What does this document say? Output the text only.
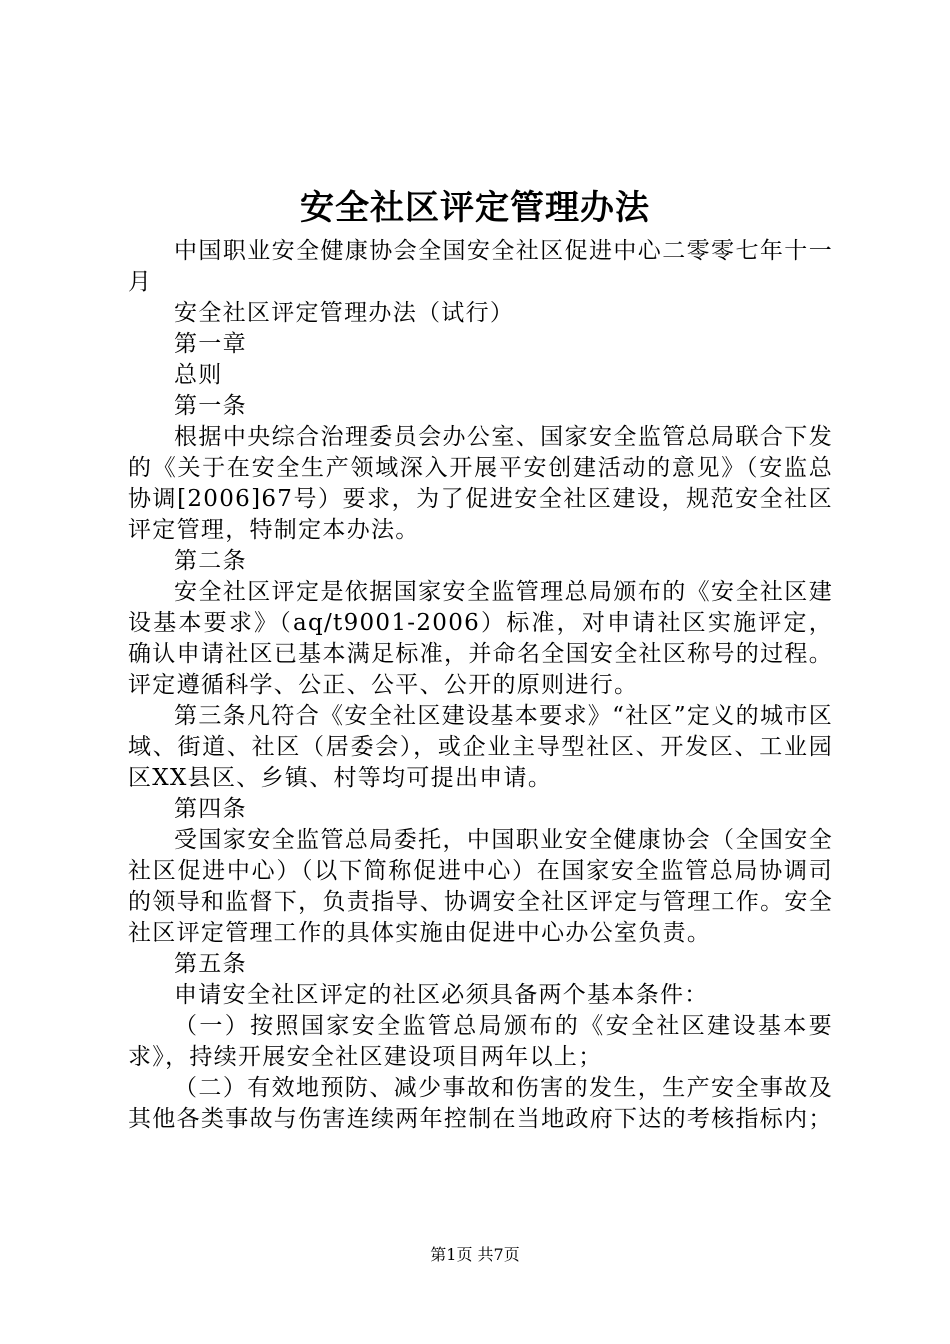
安全社区评定管理办法

中国职业安全健康协会全国安全社区促进中心二零零七年十一月

安全社区评定管理办法（试行）

第一章

总则

第一条

根据中央综合治理委员会办公室、国家安全监管总局联合下发的《关于在安全生产领域深入开展平安创建活动的意见》（安监总协调[2006]67号）要求，为了促进安全社区建设，规范安全社区评定管理，特制定本办法。

第二条

安全社区评定是依据国家安全监管理总局颁布的《安全社区建设基本要求》（aq/t9001-2006）标准，对申请社区实施评定，确认申请社区已基本满足标准，并命名全国安全社区称号的过程。评定遵循科学、公正、公平、公开的原则进行。

第三条凡符合《安全社区建设基本要求》“社区”定义的城市区域、街道、社区（居委会），或企业主导型社区、开发区、工业园区XX县区、乡镇、村等均可提出申请。

第四条

受国家安全监管总局委托，中国职业安全健康协会（全国安全社区促进中心）（以下简称促进中心）在国家安全监管总局协调司的领导和监督下，负责指导、协调安全社区评定与管理工作。安全社区评定管理工作的具体实施由促进中心办公室负责。

第五条

申请安全社区评定的社区必须具备两个基本条件：

（一）按照国家安全监管总局颁布的《安全社区建设基本要求》，持续开展安全社区建设项目两年以上；

（二）有效地预防、减少事故和伤害的发生，生产安全事故及其他各类事故与伤害连续两年控制在当地政府下达的考核指标内；

第1页 共7页
